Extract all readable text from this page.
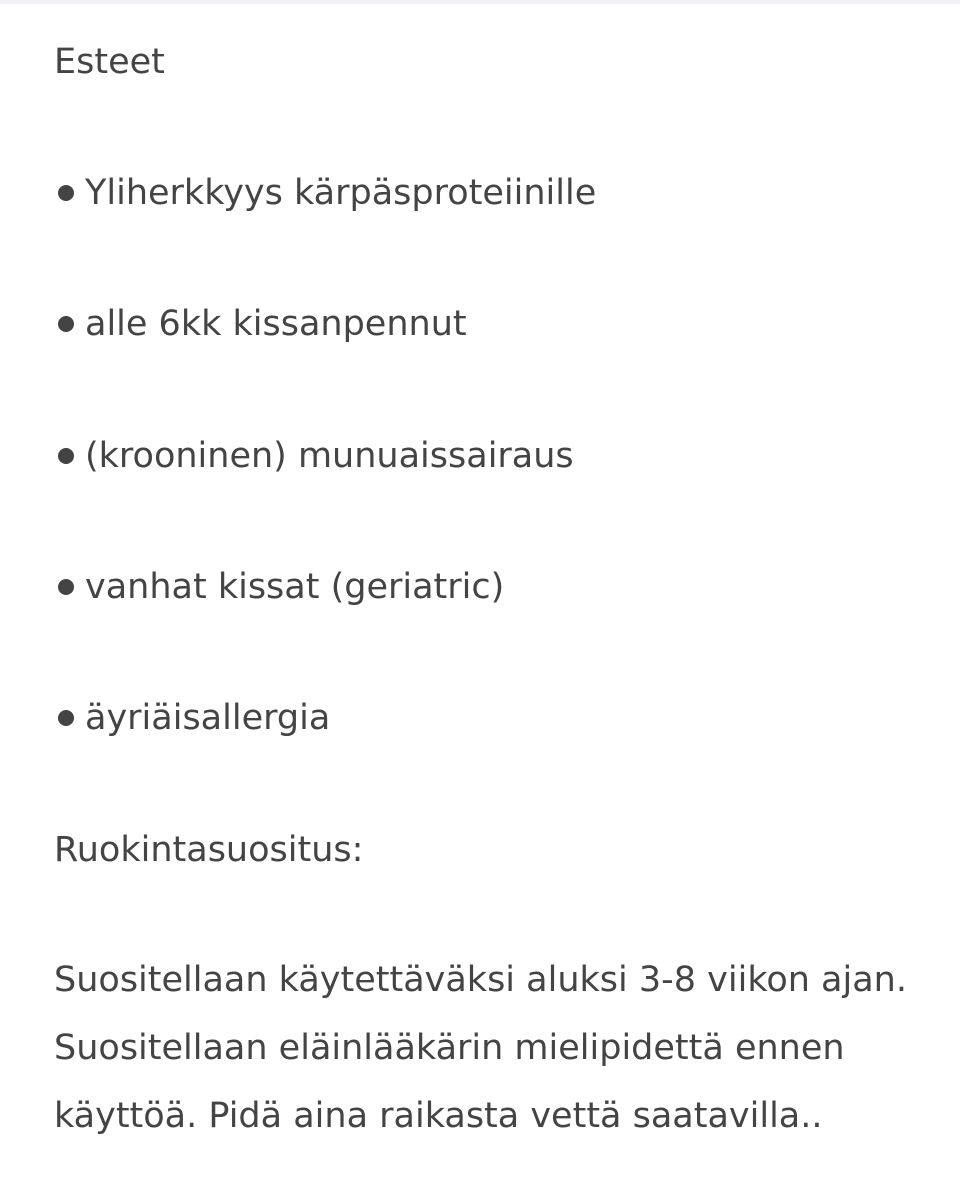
Esteet
Yliherkkyys kärpäsproteiinille
alle 6kk kissanpennut
(krooninen) munuaissairaus
vanhat kissat (geriatric)
äyriäisallergia
Ruokintasuositus:

Suositellaan käytettäväksi aluksi 3-8 viikon ajan.
Suositellaan eläinlääkärin mielipidettä ennen
käyttöä. Pidä aina raikasta vettä saatavilla..
